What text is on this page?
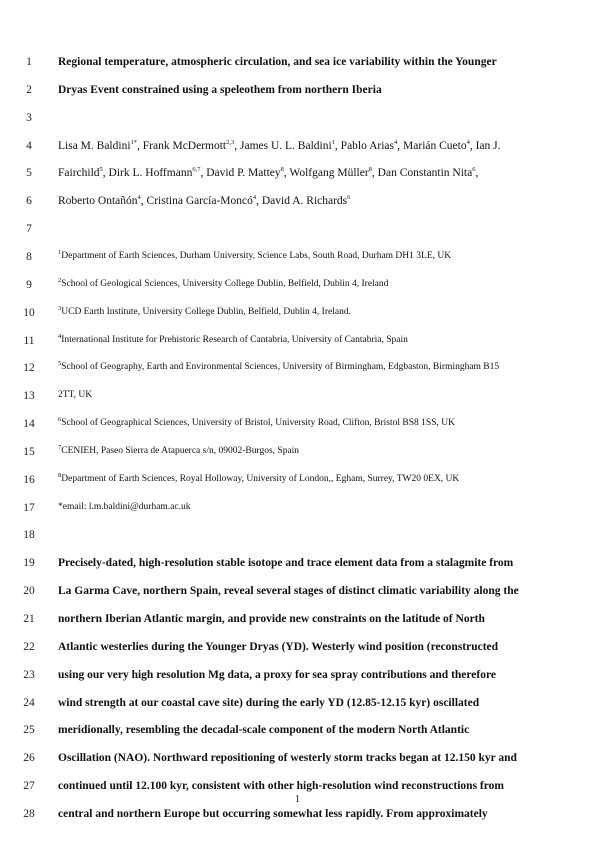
1	Regional temperature, atmospheric circulation, and sea ice variability within the Younger
2	Dryas Event constrained using a speleothem from northern Iberia
3
4	Lisa M. Baldini$^{1*}$, Frank McDermott$^{2,3}$, James U. L. Baldini$^1$, Pablo Arias$^4$, Marián Cueto$^4$, Ian J.
5	Fairchild$^5$, Dirk L. Hoffmann$^{6,7}$, David P. Mattey$^8$, Wolfgang Müller$^8$, Dan Constantin Nita$^6$,
6	Roberto Ontañón$^4$, Cristina García-Moncó$^4$, David A. Richards$^6$
7
8	$^1$Department of Earth Sciences, Durham University, Science Labs, South Road, Durham DH1 3LE, UK
9	$^2$School of Geological Sciences, University College Dublin, Belfield, Dublin 4, Ireland
10	$^3$UCD Earth Institute, University College Dublin, Belfield, Dublin 4, Ireland.
11	$^4$International Institute for Prehistoric Research of Cantabria, University of Cantabria, Spain
12	$^5$School of Geography, Earth and Environmental Sciences, University of Birmingham, Edgbaston, Birmingham B15
13	2TT, UK
14	$^6$School of Geographical Sciences, University of Bristol, University Road, Clifton, Bristol BS8 1SS, UK
15	$^7$CENIEH, Paseo Sierra de Atapuerca s/n, 09002-Burgos, Spain
16	$^8$Department of Earth Sciences, Royal Holloway, University of London,, Egham, Surrey, TW20 0EX, UK
17	*email: l.m.baldini@durham.ac.uk
18
19	Precisely-dated, high-resolution stable isotope and trace element data from a stalagmite from
20	La Garma Cave, northern Spain, reveal several stages of distinct climatic variability along the
21	northern Iberian Atlantic margin, and provide new constraints on the latitude of North
22	Atlantic westerlies during the Younger Dryas (YD). Westerly wind position (reconstructed
23	using our very high resolution Mg data, a proxy for sea spray contributions and therefore
24	wind strength at our coastal cave site) during the early YD (12.85-12.15 kyr) oscillated
25	meridionally, resembling the decadal-scale component of the modern North Atlantic
26	Oscillation (NAO). Northward repositioning of westerly storm tracks began at 12.150 kyr and
27	continued until 12.100 kyr, consistent with other high-resolution wind reconstructions from
28	central and northern Europe but occurring somewhat less rapidly. From approximately
1
